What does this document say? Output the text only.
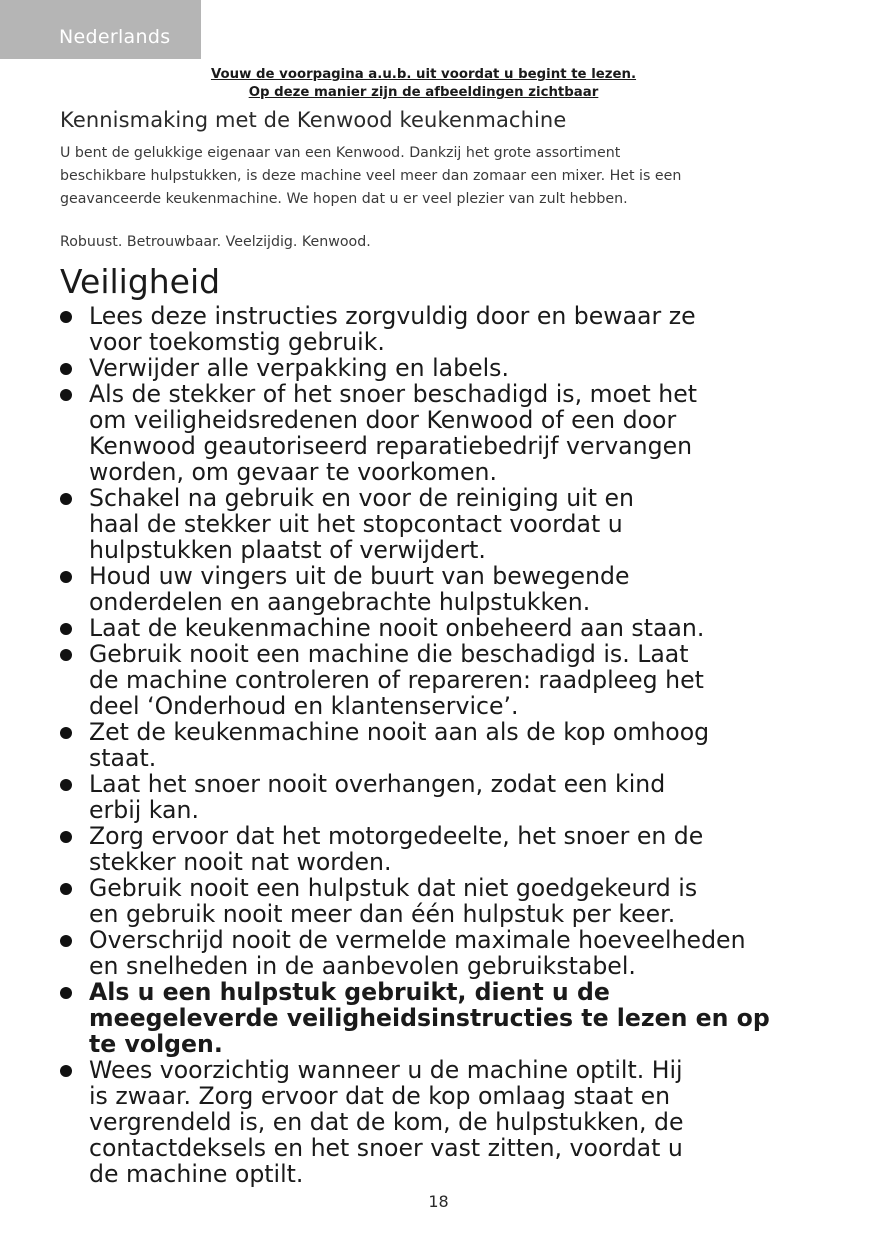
Nederlands
Vouw de voorpagina a.u.b. uit voordat u begint te lezen.
Op deze manier zijn de afbeeldingen zichtbaar
Kennismaking met de Kenwood keukenmachine
U bent de gelukkige eigenaar van een Kenwood. Dankzij het grote assortiment
beschikbare hulpstukken, is deze machine veel meer dan zomaar een mixer. Het is een
geavanceerde keukenmachine. We hopen dat u er veel plezier van zult hebben.
Robuust. Betrouwbaar. Veelzijdig. Kenwood.
Veiligheid
Lees deze instructies zorgvuldig door en bewaar ze
voor toekomstig gebruik.
Verwijder alle verpakking en labels.
Als de stekker of het snoer beschadigd is, moet het
om veiligheidsredenen door Kenwood of een door
Kenwood geautoriseerd reparatiebedrijf vervangen
worden, om gevaar te voorkomen.
Schakel na gebruik en voor de reiniging uit en
haal de stekker uit het stopcontact voordat u
hulpstukken plaatst of verwijdert.
Houd uw vingers uit de buurt van bewegende
onderdelen en aangebrachte hulpstukken.
Laat de keukenmachine nooit onbeheerd aan staan.
Gebruik nooit een machine die beschadigd is. Laat
de machine controleren of repareren: raadpleeg het
deel ‘Onderhoud en klantenservice’.
Zet de keukenmachine nooit aan als de kop omhoog
staat.
Laat het snoer nooit overhangen, zodat een kind
erbij kan.
Zorg ervoor dat het motorgedeelte, het snoer en de
stekker nooit nat worden.
Gebruik nooit een hulpstuk dat niet goedgekeurd is
en gebruik nooit meer dan één hulpstuk per keer.
Overschrijd nooit de vermelde maximale hoeveelheden
en snelheden in de aanbevolen gebruikstabel.
Als u een hulpstuk gebruikt, dient u de
meegeleverde veiligheidsinstructies te lezen en op
te volgen.
Wees voorzichtig wanneer u de machine optilt. Hij
is zwaar. Zorg ervoor dat de kop omlaag staat en
vergrendeld is, en dat de kom, de hulpstukken, de
contactdeksels en het snoer vast zitten, voordat u
de machine optilt.
18
